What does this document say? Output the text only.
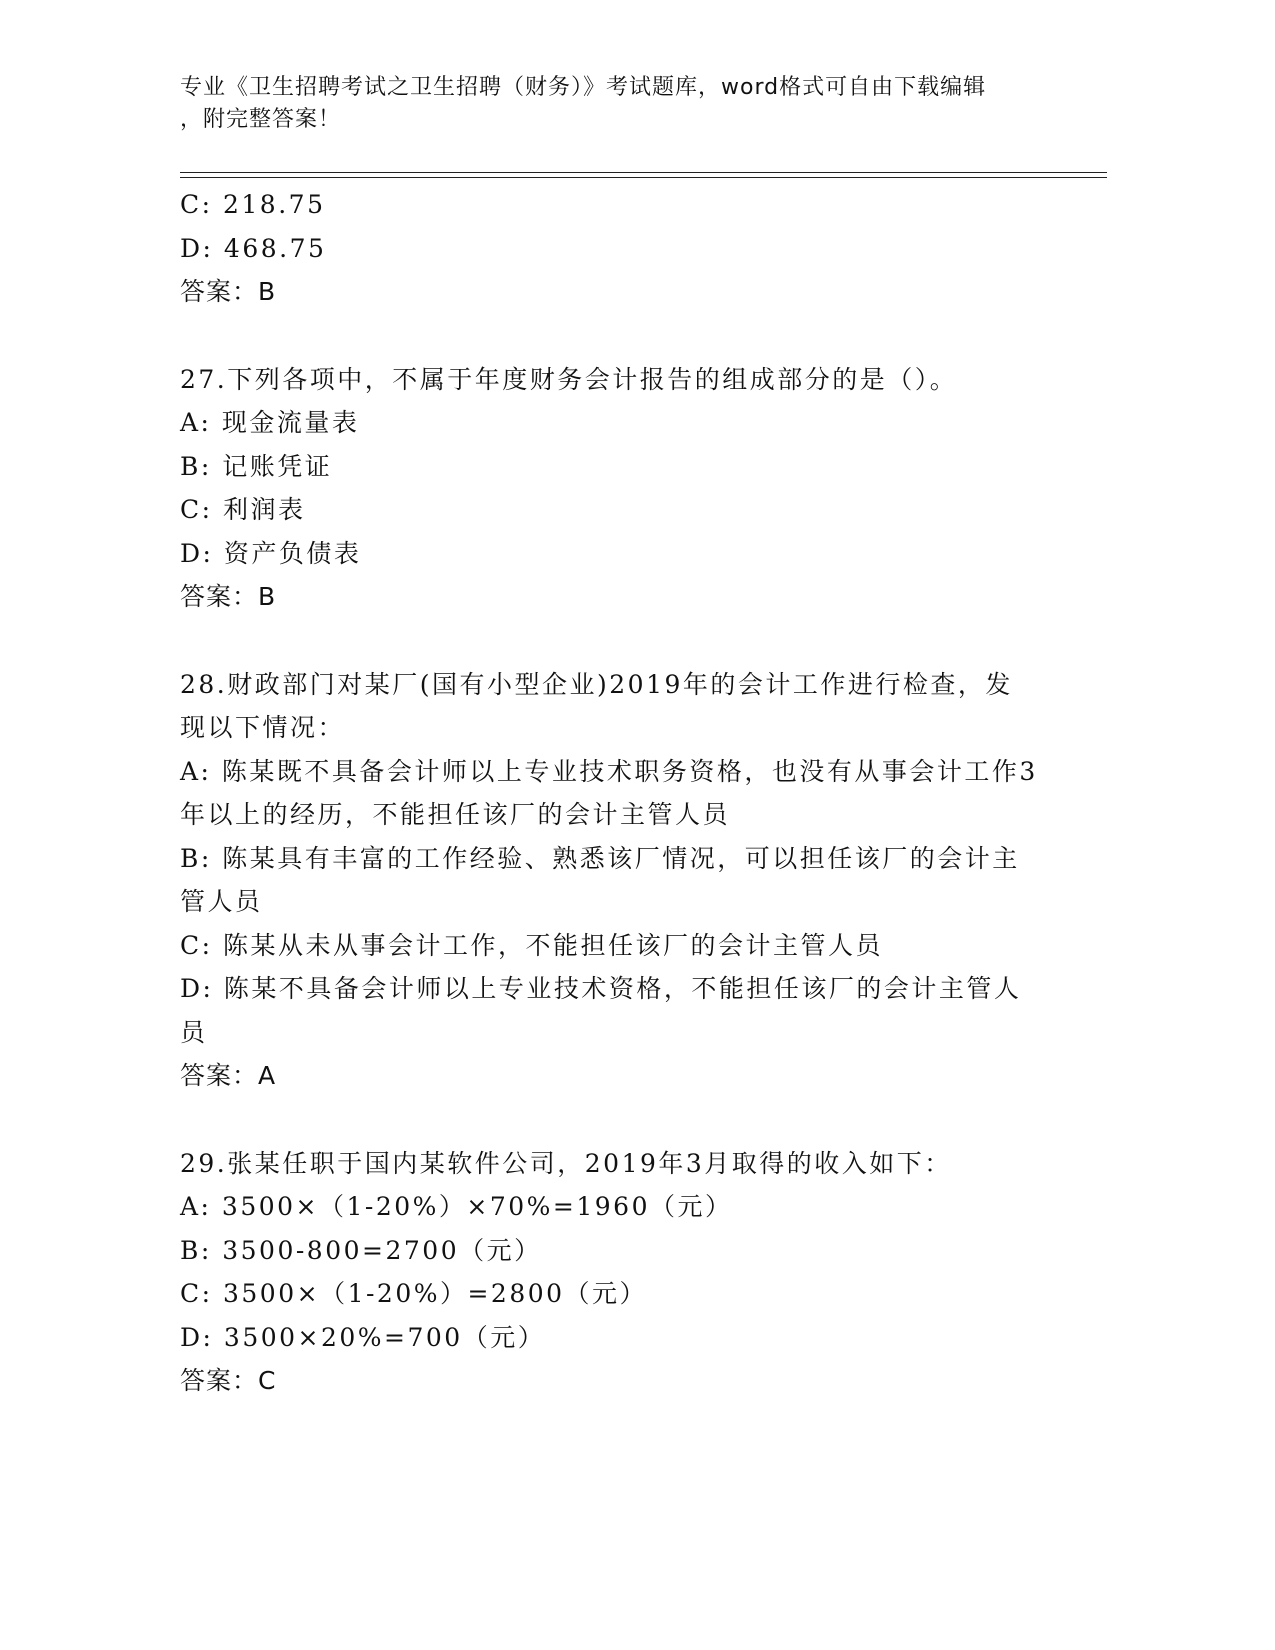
专业《卫生招聘考试之卫生招聘（财务）》考试题库，word格式可自由下载编辑
，附完整答案！
C: 218.75
D: 468.75
答案：B
27.下列各项中，不属于年度财务会计报告的组成部分的是（）。
A: 现金流量表
B: 记账凭证
C: 利润表
D: 资产负债表
答案：B
28.财政部门对某厂(国有小型企业)2019年的会计工作进行检查，发现以下情况：
A: 陈某既不具备会计师以上专业技术职务资格，也没有从事会计工作3年以上的经历，不能担任该厂的会计主管人员
B: 陈某具有丰富的工作经验、熟悉该厂情况，可以担任该厂的会计主管人员
C: 陈某从未从事会计工作，不能担任该厂的会计主管人员
D: 陈某不具备会计师以上专业技术资格，不能担任该厂的会计主管人员
答案：A
29.张某任职于国内某软件公司，2019年3月取得的收入如下：
A: 3500×（1-20%）×70%=1960（元）
B: 3500-800=2700（元）
C: 3500×（1-20%）=2800（元）
D: 3500×20%=700（元）
答案：C
